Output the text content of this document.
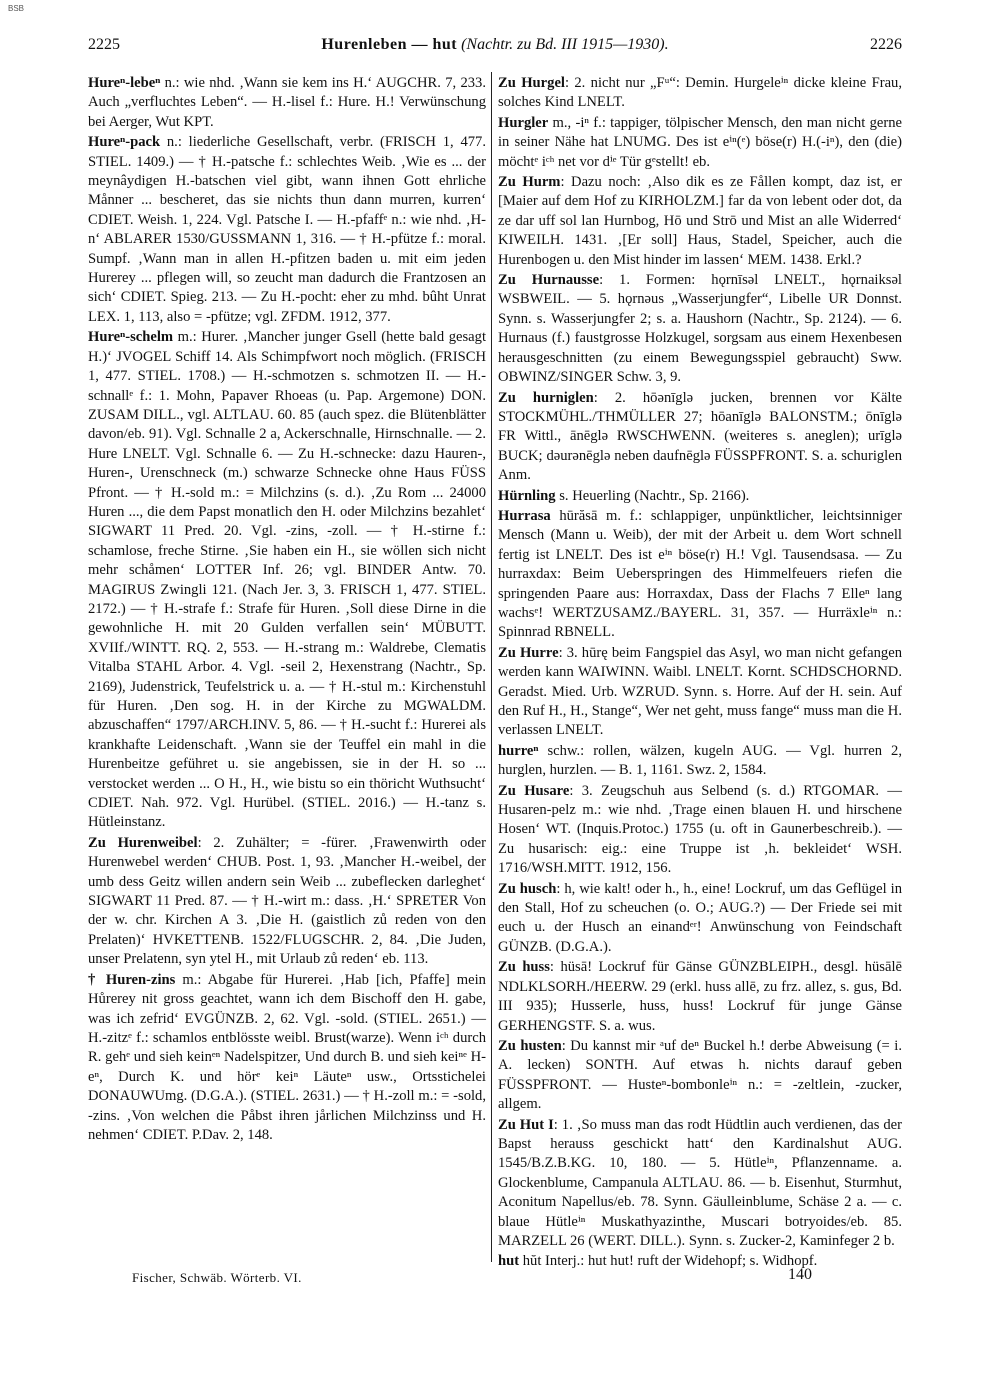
BSB
2225	Hurenleben — hut (Nachtr. zu Bd. III 1915—1930).	2226
Hureⁿ-lebeⁿ n.: wie nhd. ‚Wann sie kem ins H.‘ AUGCHR. 7, 233. Auch „verfluchtes Leben“. — H.-lisel f.: Hure. H.! Verwünschung bei Aerger, Wut KPT.
Hureⁿ-pack n.: liederliche Gesellschaft, verbr. (FRISCH 1, 477. STIEL. 1409.) — † H.-patsche f.: schlechtes Weib. ‚Wie es ... der meynâydigen H.-batschen viel gibt, wann ihnen Gott ehrliche Månner ... bescheret, das sie nichts thun dann murren, kurren‘ CDIET. Weish. 1, 224. Vgl. Patsche I. — H.-pfaffᵉ n.: wie nhd. ‚H-n‘ ABLARER 1530/GUSSMANN 1, 316. — † H.-pfütze f.: moral. Sumpf. ‚Wann man in allen H.-pfitzen baden u. mit eim jeden Hurerey ... pflegen will, so zeucht man dadurch die Frantzosen an sich‘ CDIET. Spieg. 213. — Zu H.-pocht: eher zu mhd. bûht Unrat LEX. 1, 113, also = -pfütze; vgl. ZFDM. 1912, 377.
Hureⁿ-schelm m.: Hurer. ‚Mancher junger Gsell (hette bald gesagt H.)‘ JVOGEL Schiff 14. Als Schimpfwort noch möglich. (FRISCH 1, 477. STIEL. 1708.) — H.-schmotzen s. schmotzen II. — H.-schnallᵉ f.: 1. Mohn, Papaver Rhoeas (u. Pap. Argemone) DON. ZUSAM DILL., vgl. ALTLAU. 60. 85 (auch spez. die Blütenblätter davon/eb. 91). Vgl. Schnalle 2 a, Ackerschnalle, Hirnschnalle. — 2. Hure LNELT. Vgl. Schnalle 6. — Zu H.-schnecke: dazu Hauren-, Huren-, Urenschneck (m.) schwarze Schnecke ohne Haus FÜSS Pfront. — † H.-sold m.: = Milchzins (s. d.). ‚Zu Rom ... 24000 Huren ..., die dem Papst monatlich den H. oder Milchzins bezahlet‘ SIGWART 11 Pred. 20. Vgl. -zins, -zoll. — † H.-stirne f.: schamlose, freche Stirne. ‚Sie haben ein H., sie wöllen sich nicht mehr schåmen‘ LOTTER Inf. 26; vgl. BINDER Antw. 70. MAGIRUS Zwingli 121. (Nach Jer. 3, 3. FRISCH 1, 477. STIEL. 2172.) — † H.-strafe f.: Strafe für Huren. ‚Soll diese Dirne in die gewohnliche H. mit 20 Gulden verfallen sein‘ MÜBUTT. XVIIf./WINTT. RQ. 2, 553. — H.-strang m.: Waldrebe, Clematis Vitalba STAHL Arbor. 4. Vgl. -seil 2, Hexenstrang (Nachtr., Sp. 2169), Judenstrick, Teufelstrick u. a. — † H.-stul m.: Kirchenstuhl für Huren. ‚Den sog. H. in der Kirche zu MGWALDM. abzuschaffen“ 1797/ARCH.INV. 5, 86. — † H.-sucht f.: Hurerei als krankhafte Leidenschaft. ‚Wann sie der Teuffel ein mahl in die Hurenbeitze geführet u. sie angebissen, sie in der H. so ... verstocket werden ... O H., H., wie bistu so ein thöricht Wuthsucht‘ CDIET. Nah. 972. Vgl. Hurübel. (STIEL. 2016.) — H.-tanz s. Hütleinstanz.
Zu Hurenweibel: 2. Zuhälter; = -fürer. ‚Frawenwirth oder Hurenwebel werden‘ CHUB. Post. 1, 93. ‚Mancher H.-weibel, der umb dess Geitz willen andern sein Weib ... zubeflecken darleghet‘ SIGWART 11 Pred. 87. — † H.-wirt m.: dass. ‚H.‘ SPRETER Von der w. chr. Kirchen A 3. ‚Die H. (gaistlich zů reden von den Prelaten)‘ HVKETTENB. 1522/FLUGSCHR. 2, 84. ‚Die Juden, unser Prelatenn, syn ytel H., mit Urlaub zů reden‘ eb. 113.
† Huren-zins m.: Abgabe für Hurerei. ‚Hab [ich, Pfaffe] mein Hůrerey nit gross geachtet, wann ich dem Bischoff den H. gabe, was ich zefrid‘ EVGÜNZB. 2, 62. Vgl. -sold. (STIEL. 2651.) — H.-zitzᵉ f.: schamlos entblösste weibl. Brust(warze). Wenn iᶜʰ durch R. gehᵉ und sieh keinᵉⁿ Nadelspitzer, Und durch B. und sieh keiⁿᵉ H-eⁿ, Durch K. und hörᵉ keiⁿ Läuteⁿ usw., Ortsstichelei DONAUWUmg. (D.G.A.). (STIEL. 2631.) — † H.-zoll m.: = -sold, -zins. ‚Von welchen die Påbst ihren jårlichen Milchzinss und H. nehmen‘ CDIET. P.Dav. 2, 148.
Zu Hurgel: 2. nicht nur „Fᵘ“: Demin. Hurgeleⁱⁿ dicke kleine Frau, solches Kind LNELT.
Hurgler m., -iⁿ f.: tappiger, tölpischer Mensch, den man nicht gerne in seiner Nähe hat LNUMG. Des ist eⁱⁿ(ᵉ) böse(r) H.(-iⁿ), den (die) möchtᵉ iᶜʰ net vor dⁱᵉ Tür gᵉstellt! eb.
Zu Hurm: Dazu noch: ‚Also dik es ze Fållen kompt, daz ist, er [Maier auf dem Hof zu KIRHOLZM.] far da von lebent oder dot, da ze dar uff sol lan Hurnbog, Hō und Strō und Mist an alle Widerred‘ KIWEILH. 1431. ‚[Er soll] Haus, Stadel, Speicher, auch die Hurenbogen u. den Mist hinder im lassen‘ MEM. 1438. Erkl.?
Zu Hurnausse: 1. Formen: hǫrnīsəl LNELT., hǫrnaiksəl WSBWEIL. — 5. hǫrnəus „Wasserjungfer“, Libelle UR Donnst. Synn. s. Wasserjungfer 2; s. a. Haushorn (Nachtr., Sp. 2124). — 6. Hurnaus (f.) faustgrosse Holzkugel, sorgsam aus einem Hexenbesen herausgeschnitten (zu einem Bewegungsspiel gebraucht) Sww. OBWINZ/SINGER Schw. 3, 9.
Zu hurniglen: 2. hōənīglə jucken, brennen vor Kälte STOCKMÜHL./THMÜLLER 27; hōanīglə BALONSTM.; ōnīglə FR Wittl., ānēglə RWSCHWENN. (weiteres s. aneglen); urīglə BUCK; dəurənēglə neben daufnēglə FÜSSPFRONT. S. a. schuriglen Anm.
Hürnling s. Heuerling (Nachtr., Sp. 2166).
Hurrasa hūrăsā m. f.: schlappiger, unpünktlicher, leichtsinniger Mensch (Mann u. Weib), der mit der Arbeit u. dem Wort schnell fertig ist LNELT. Des ist eⁱⁿ böse(r) H.! Vgl. Tausendsasa. — Zu hurraxdax: Beim Ueberspringen des Himmelfeuers riefen die springenden Paare aus: Horraxdax, Dass der Flachs 7 Elleⁿ lang wachsᵉ! WERTZUSAMZ./BAYERL. 31, 357. — Hurräxleⁱⁿ n.: Spinnrad RBNELL.
Zu Hurre: 3. hūrę beim Fangspiel das Asyl, wo man nicht gefangen werden kann WAIWINN. Waibl. LNELT. Kornt. SCHDSCHORND. Geradst. Mied. Urb. WZRUD. Synn. s. Horre. Auf der H. sein. Auf den Ruf H., H., Stange“, Wer net geht, muss fange“ muss man die H. verlassen LNELT.
hurreⁿ schw.: rollen, wälzen, kugeln AUG. — Vgl. hurren 2, hurglen, hurzlen. — B. 1, 1161. Swz. 2, 1584.
Zu Husare: 3. Zeugschuh aus Selbend (s. d.) RTGOMAR. — Husaren-pelz m.: wie nhd. ‚Trage einen blauen H. und hirschene Hosen‘ WT. (Inquis.Protoc.) 1755 (u. oft in Gaunerbeschreib.). — Zu husarisch: eig.: eine Truppe ist ‚h. bekleidet‘ WSH. 1716/WSH.MITT. 1912, 156.
Zu husch: h, wie kalt! oder h., h., eine! Lockruf, um das Geflügel in den Stall, Hof zu scheuchen (o. O.; AUG.?) — Der Friede sei mit euch u. der Husch an einandᵉʳ! Anwünschung von Feindschaft GÜNZB. (D.G.A.).
Zu huss: hüsā! Lockruf für Gänse GÜNZBLEIPH., desgl. hüsālē NDLKLSORH./HEERW. 29 (erkl. huss allē, zu frz. allez, s. gus, Bd. III 935); Husserle, huss, huss! Lockruf für junge Gänse GERHENGSTF. S. a. wus.
Zu husten: Du kannst mir ᵃuf deⁿ Buckel h.! derbe Abweisung (= i. A. lecken) SONTH. Auf etwas h. nichts darauf geben FÜSSPFRONT. — Husteⁿ-bombonleⁱⁿ n.: = -zeltlein, -zucker, allgem.
Zu Hut I: 1. ‚So muss man das rodt Hüdtlin auch verdienen, das der Bapst herauss geschickt hatt‘ den Kardinalshut AUG. 1545/B.Z.B.KG. 10, 180. — 5. Hütleⁱⁿ, Pflanzenname. a. Glockenblume, Campanula ALTLAU. 86. — b. Eisenhut, Sturmhut, Aconitum Napellus/eb. 78. Synn. Gäulleinblume, Schäse 2 a. — c. blaue Hütleⁱⁿ Muskathyazinthe, Muscari botryoides/eb. 85. MARZELL 26 (WERT. DILL.). Synn. s. Zucker-2, Kaminfeger 2 b.
hut hŭt Interj.: hut hut! ruft der Widehopf; s. Widhopf.
Fischer, Schwäb. Wörterb. VI.	140
